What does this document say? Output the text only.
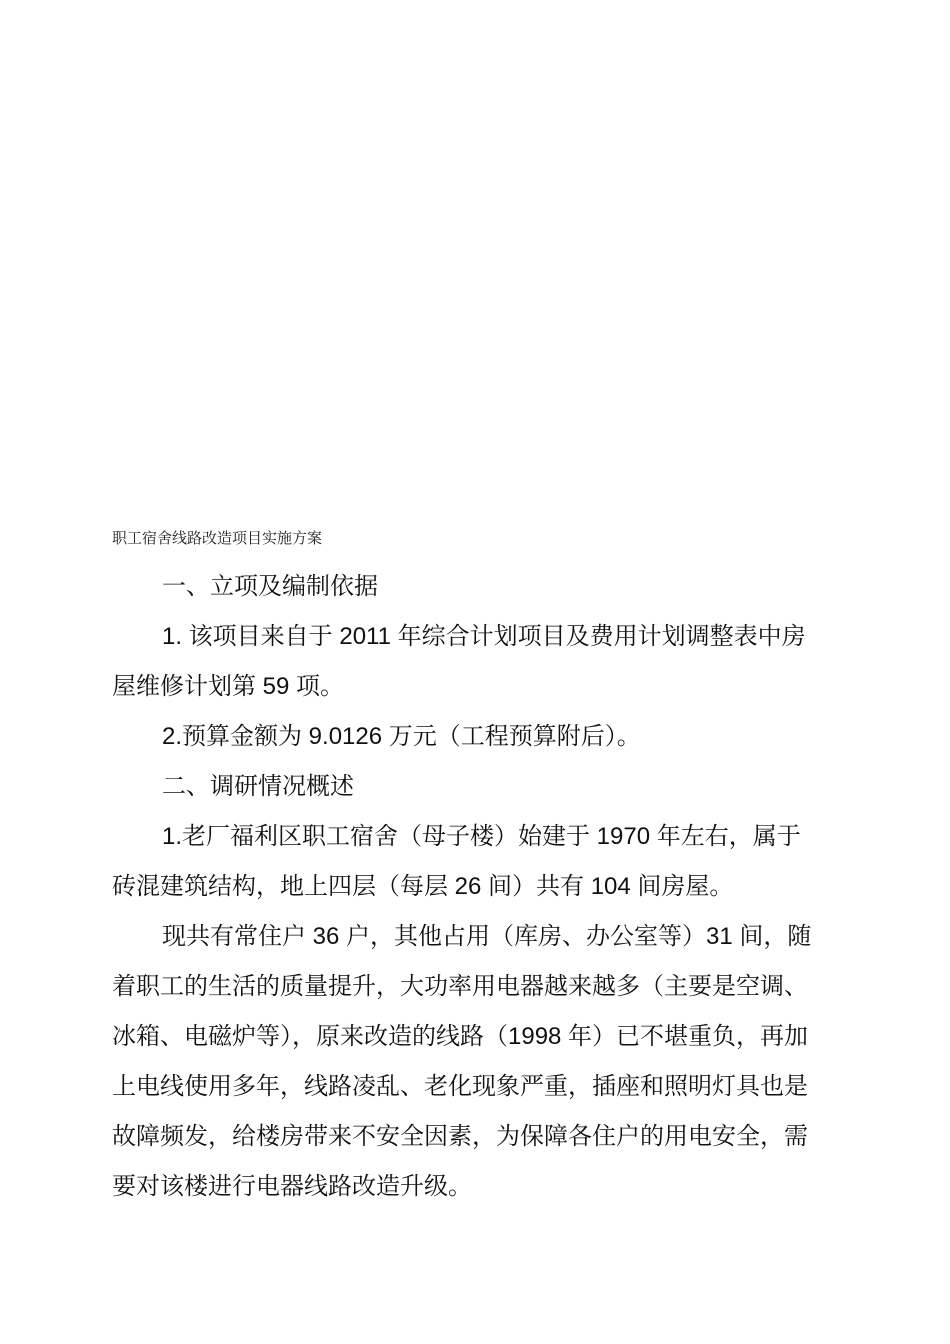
职工宿舍线路改造项目实施方案

一、立项及编制依据

1. 该项目来自于 2011 年综合计划项目及费用计划调整表中房
屋维修计划第 59 项。

2.预算金额为 9.0126 万元（工程预算附后）。

二、调研情况概述

1.老厂福利区职工宿舍（母子楼）始建于 1970 年左右，属于
砖混建筑结构，地上四层（每层 26 间）共有 104 间房屋。

现共有常住户 36 户，其他占用（库房、办公室等）31 间，随
着职工的生活的质量提升，大功率用电器越来越多（主要是空调、
冰箱、电磁炉等），原来改造的线路（1998 年）已不堪重负，再加
上电线使用多年，线路凌乱、老化现象严重，插座和照明灯具也是
故障频发，给楼房带来不安全因素，为保障各住户的用电安全，需
要对该楼进行电器线路改造升级。
